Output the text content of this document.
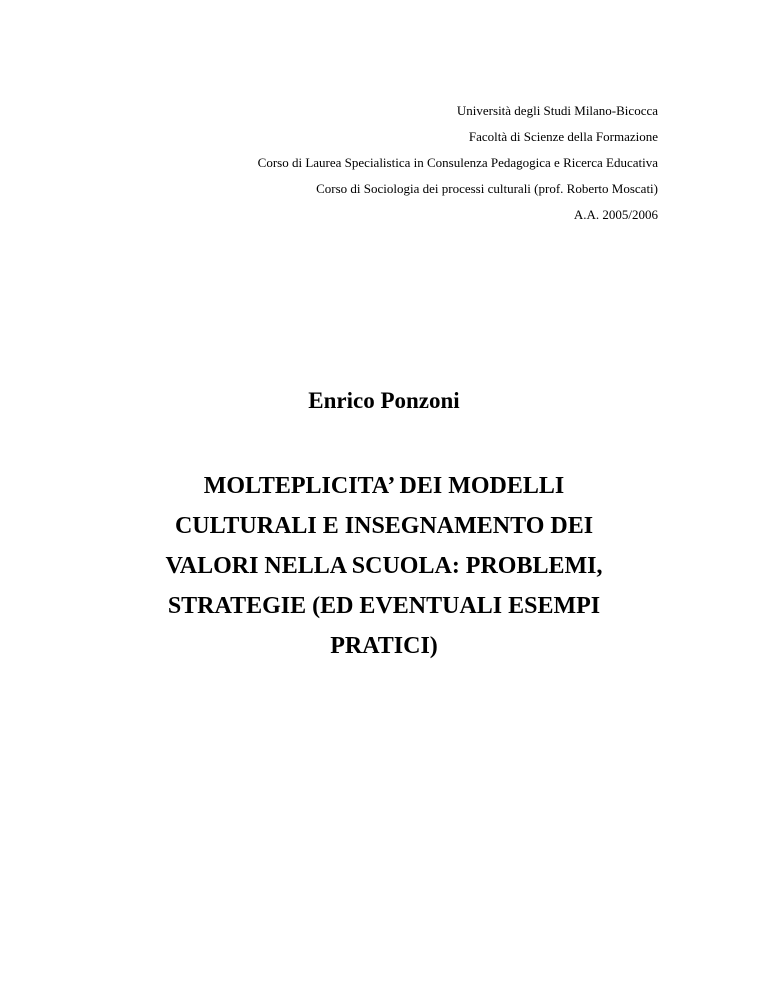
Università degli Studi Milano-Bicocca
Facoltà di Scienze della Formazione
Corso di Laurea Specialistica in Consulenza Pedagogica e Ricerca Educativa
Corso di Sociologia dei processi culturali (prof. Roberto Moscati)
A.A. 2005/2006
Enrico Ponzoni
MOLTEPLICITA’ DEI MODELLI
CULTURALI E INSEGNAMENTO DEI
VALORI NELLA SCUOLA: PROBLEMI,
STRATEGIE (ED EVENTUALI ESEMPI
PRATICI)
